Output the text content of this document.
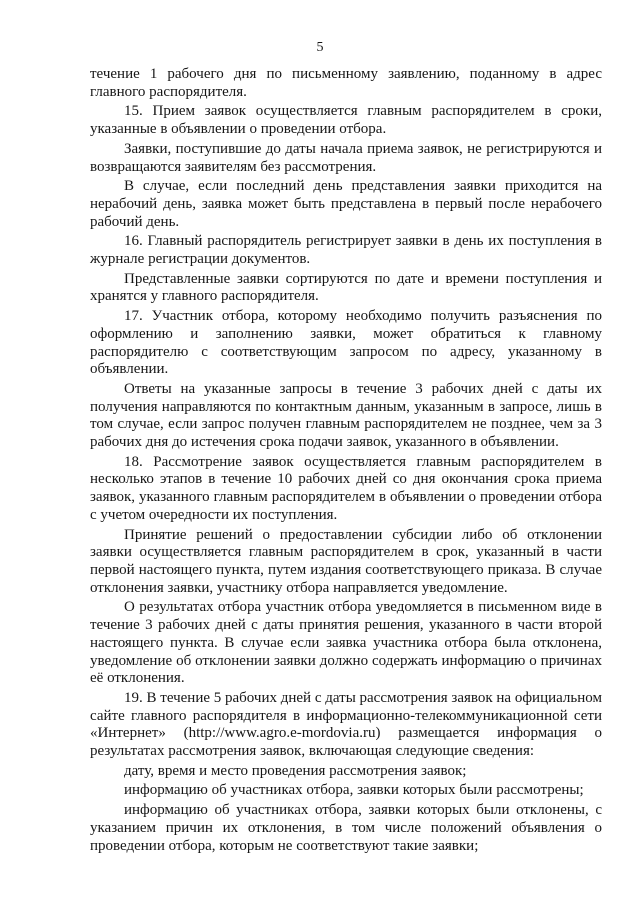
5

течение 1 рабочего дня по письменному заявлению, поданному в адрес главного распорядителя.

15. Прием заявок осуществляется главным распорядителем в сроки, указанные в объявлении о проведении отбора.

Заявки, поступившие до даты начала приема заявок, не регистрируются и возвращаются заявителям без рассмотрения.

В случае, если последний день представления заявки приходится на нерабочий день, заявка может быть представлена в первый после нерабочего рабочий день.

16. Главный распорядитель регистрирует заявки в день их поступления в журнале регистрации документов.

Представленные заявки сортируются по дате и времени поступления и хранятся у главного распорядителя.

17. Участник отбора, которому необходимо получить разъяснения по оформлению и заполнению заявки, может обратиться к главному распорядителю с соответствующим запросом по адресу, указанному в объявлении.

Ответы на указанные запросы в течение 3 рабочих дней с даты их получения направляются по контактным данным, указанным в запросе, лишь в том случае, если запрос получен главным распорядителем не позднее, чем за 3 рабочих дня до истечения срока подачи заявок, указанного в объявлении.

18. Рассмотрение заявок осуществляется главным распорядителем в несколько этапов в течение 10 рабочих дней со дня окончания срока приема заявок, указанного главным распорядителем в объявлении о проведении отбора с учетом очередности их поступления.

Принятие решений о предоставлении субсидии либо об отклонении заявки осуществляется главным распорядителем в срок, указанный в части первой настоящего пункта, путем издания соответствующего приказа. В случае отклонения заявки, участнику отбора направляется уведомление.

О результатах отбора участник отбора уведомляется в письменном виде в течение 3 рабочих дней с даты принятия решения, указанного в части второй настоящего пункта. В случае если заявка участника отбора была отклонена, уведомление об отклонении заявки должно содержать информацию о причинах её отклонения.

19. В течение 5 рабочих дней с даты рассмотрения заявок на официальном сайте главного распорядителя в информационно-телекоммуникационной сети «Интернет» (http://www.agro.e-mordovia.ru) размещается информация о результатах рассмотрения заявок, включающая следующие сведения:

дату, время и место проведения рассмотрения заявок;

информацию об участниках отбора, заявки которых были рассмотрены;

информацию об участниках отбора, заявки которых были отклонены, с указанием причин их отклонения, в том числе положений объявления о проведении отбора, которым не соответствуют такие заявки;
